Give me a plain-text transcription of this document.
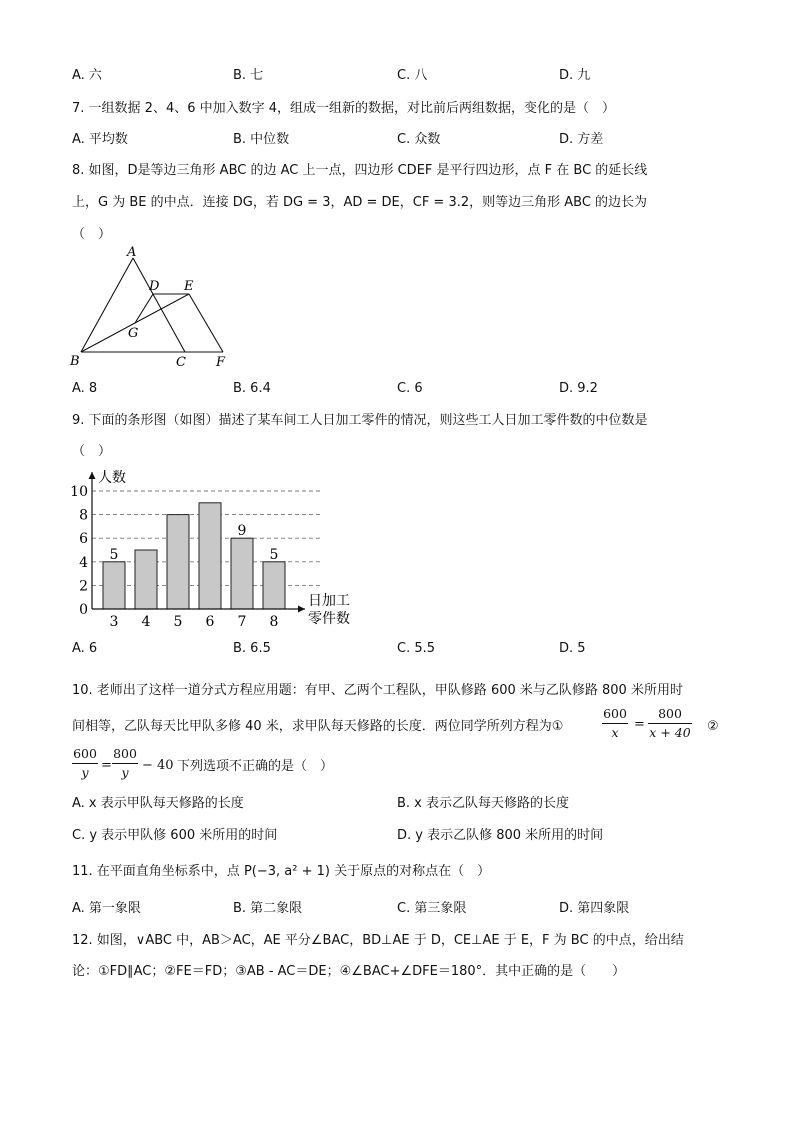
A. 六	B. 七	C. 八	D. 九
7. 一组数据 2、4、6 中加入数字 4，组成一组新的数据，对比前后两组数据，变化的是（　）
A. 平均数	B. 中位数	C. 众数	D. 方差
8. 如图，D是等边三角形 ABC 的边 AC 上一点，四边形 CDEF 是平行四边形，点 F 在 BC 的延长线
上，G 为 BE 的中点．连接 DG，若 DG = 3，AD = DE，CF = 3.2，则等边三角形 ABC 的边长为
（　）
A
B	C
D E
F
G
A. 8	B. 6.4	C. 6	D. 9.2
9. 下面的条形图（如图）描述了某车间工人日加工零件的情况，则这些工人日加工零件数的中位数是
（　）
3 4 5 6 7 8
0
2
4
6
8
10
5
9
5
人数
日加工
零件数
A. 6	B. 6.5	C. 5.5	D. 5
10. 老师出了这样一道分式方程应用题：有甲、乙两个工程队，甲队修路 600 米与乙队修路 800 米所用时
间相等，乙队每天比甲队多修 40 米，求甲队每天修路的长度．两位同学所列方程为①
600
x
=
800
x + 40 ②
600
y =
800
y	− 40 下列选项不正确的是（　）
A. x 表示甲队每天修路的长度	B. x 表示乙队每天修路的长度
C. y 表示甲队修 600 米所用的时间	D. y 表示乙队修 800 米所用的时间
11. 在平面直角坐标系中，点 P(−3, a² + 1) 关于原点的对称点在（　）
A. 第一象限	B. 第二象限	C. 第三象限	D. 第四象限
12. 如图，∨ABC 中，AB＞AC，AE 平分∠BAC，BD⊥AE 于 D，CE⊥AE 于 E，F 为 BC 的中点，给出结
论：①FD∥AC；②FE＝FD；③AB - AC＝DE；④∠BAC+∠DFE＝180°．其中正确的是（　　）
